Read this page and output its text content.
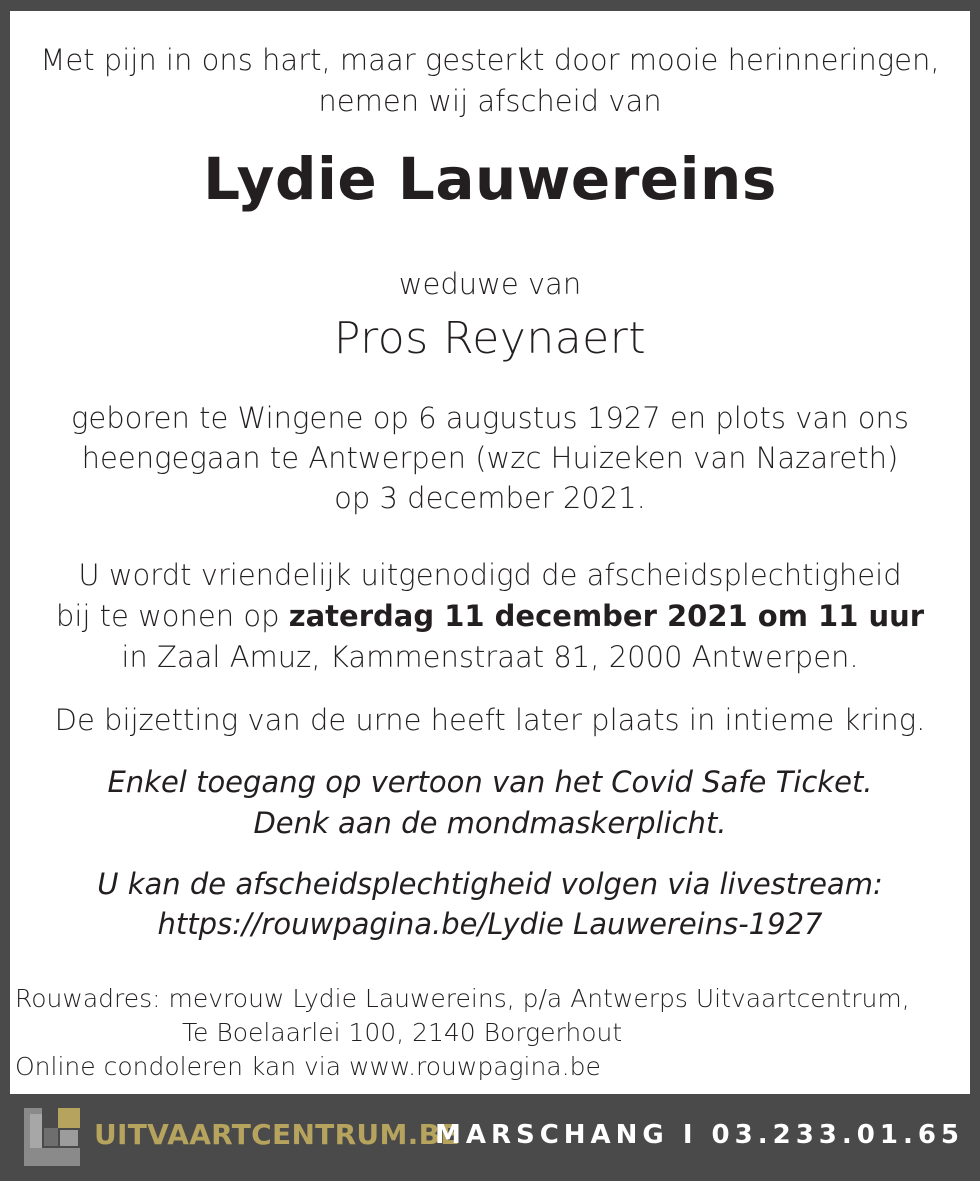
Met pijn in ons hart, maar gesterkt door mooie herinneringen,
nemen wij afscheid van
Lydie Lauwereins
weduwe van
Pros Reynaert
geboren te Wingene op 6 augustus 1927 en plots van ons
heengegaan te Antwerpen (wzc Huizeken van Nazareth)
op 3 december 2021.
U wordt vriendelijk uitgenodigd de afscheidsplechtigheid
bij te wonen op zaterdag 11 december 2021 om 11 uur
in Zaal Amuz, Kammenstraat 81, 2000 Antwerpen.
De bijzetting van de urne heeft later plaats in intieme kring.
Enkel toegang op vertoon van het Covid Safe Ticket.
Denk aan de mondmaskerplicht.
U kan de afscheidsplechtigheid volgen via livestream:
https://rouwpagina.be/Lydie Lauwereins-1927
Rouwadres: mevrouw Lydie Lauwereins, p/a Antwerps Uitvaartcentrum,
Te Boelaarlei 100, 2140 Borgerhout
Online condoleren kan via www.rouwpagina.be
UITVAARTCENTRUM.BE
MARSCHANG I 03.233.01.65
